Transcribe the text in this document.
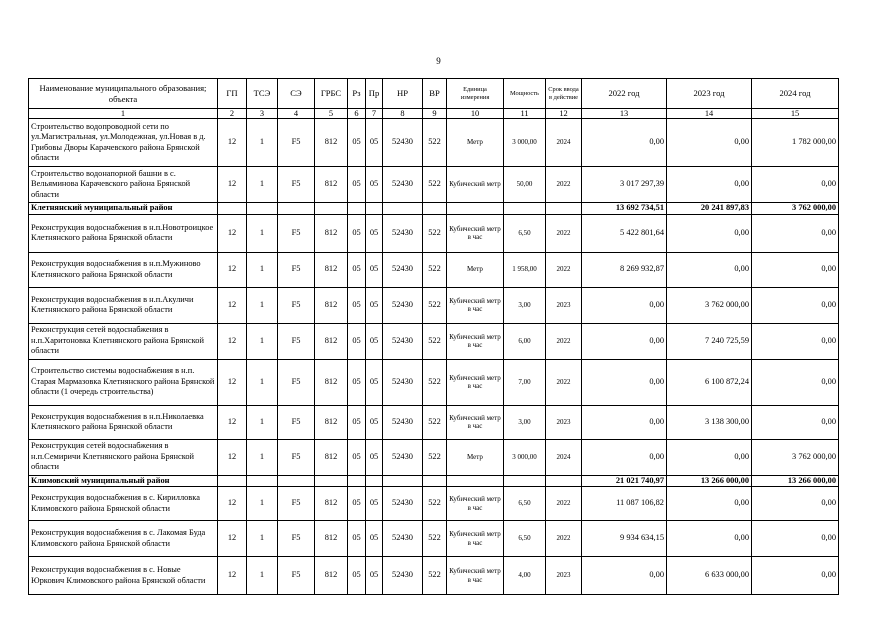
9
Наименование муниципального образования; объекта	ГП	ТСЭ	СЭ	ГРБС	Рз	Пр	НР	ВР	Единица измерения	Мощность	Срок ввода в действие	2022 год	2023 год	2024 год
1	2	3	4	5	6	7	8	9	10	11	12	13	14	15
Строительство водопроводной сети по ул.Магистральная, ул.Молодежная, ул.Новая в д. Грибовы Дворы Карачевского района Брянской области	12	1	F5	812	05	05	52430	522	Метр	3 000,00	2024	0,00	0,00	1 782 000,00
Строительство водонапорной башни в с. Вельяминова Карачевского района Брянской области	12	1	F5	812	05	05	52430	522	Кубический метр	50,00	2022	3 017 297,39	0,00	0,00
Клетнянский муниципальный район												13 692 734,51	20 241 897,83	3 762 000,00
Реконструкция водоснабжения в н.п.Новотроицкое Клетнянского района Брянской области	12	1	F5	812	05	05	52430	522	Кубический метр в час	6,50	2022	5 422 801,64	0,00	0,00
Реконструкция водоснабжения в н.п.Мужиново Клетнянского района Брянской области	12	1	F5	812	05	05	52430	522	Метр	1 958,00	2022	8 269 932,87	0,00	0,00
Реконструкция водоснабжения в н.п.Акуличи Клетнянского района Брянской области	12	1	F5	812	05	05	52430	522	Кубический метр в час	3,00	2023	0,00	3 762 000,00	0,00
Реконструкция сетей водоснабжения в н.п.Харитоновка Клетнянского района Брянской области	12	1	F5	812	05	05	52430	522	Кубический метр в час	6,00	2022	0,00	7 240 725,59	0,00
Строительство системы водоснабжения в н.п. Старая Мармазовка Клетнянского района Брянской области (1 очередь строительства)	12	1	F5	812	05	05	52430	522	Кубический метр в час	7,00	2022	0,00	6 100 872,24	0,00
Реконструкция водоснабжения в н.п.Николаевка Клетнянского района Брянской области	12	1	F5	812	05	05	52430	522	Кубический метр в час	3,00	2023	0,00	3 138 300,00	0,00
Реконструкция сетей водоснабжения в н.п.Семиричи Клетнянского района Брянской области	12	1	F5	812	05	05	52430	522	Метр	3 000,00	2024	0,00	0,00	3 762 000,00
Климовский муниципальный район												21 021 740,97	13 266 000,00	13 266 000,00
Реконструкция водоснабжения в с. Кирилловка Климовского района Брянской области	12	1	F5	812	05	05	52430	522	Кубический метр в час	6,50	2022	11 087 106,82	0,00	0,00
Реконструкция водоснабжения в с. Лакомая Буда Климовского района Брянской области	12	1	F5	812	05	05	52430	522	Кубический метр в час	6,50	2022	9 934 634,15	0,00	0,00
Реконструкция водоснабжения в с. Новые Юркович Климовского района Брянской области	12	1	F5	812	05	05	52430	522	Кубический метр в час	4,00	2023	0,00	6 633 000,00	0,00
